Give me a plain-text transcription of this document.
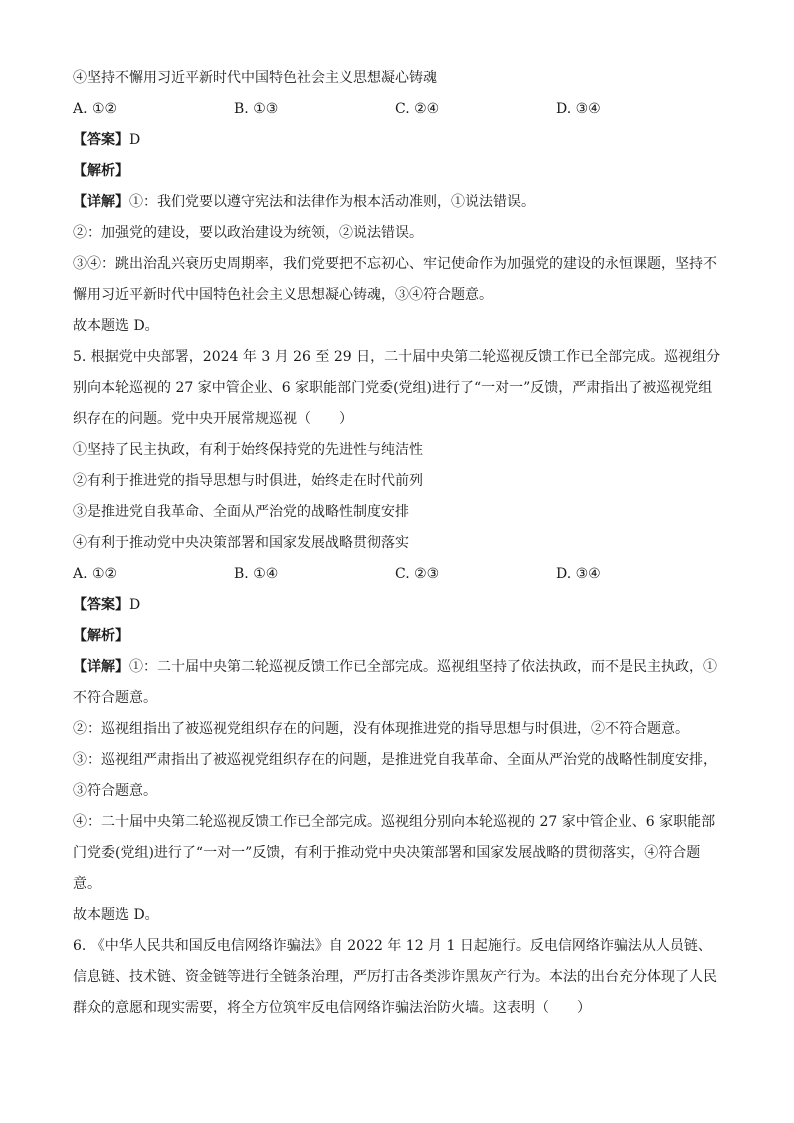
④坚持不懈用习近平新时代中国特色社会主义思想凝心铸魂
A. ①②	B. ①③	C. ②④	D. ③④
【答案】D
【解析】
【详解】①：我们党要以遵守宪法和法律作为根本活动准则，①说法错误。
②：加强党的建设，要以政治建设为统领，②说法错误。
③④：跳出治乱兴衰历史周期率，我们党要把不忘初心、牢记使命作为加强党的建设的永恒课题，坚持不懈用习近平新时代中国特色社会主义思想凝心铸魂，③④符合题意。
故本题选 D。
5. 根据党中央部署，2024 年 3 月 26 至 29 日，二十届中央第二轮巡视反馈工作已全部完成。巡视组分别向本轮巡视的 27 家中管企业、6 家职能部门党委(党组)进行了“一对一”反馈，严肃指出了被巡视党组织存在的问题。党中央开展常规巡视（　　）
①坚持了民主执政，有利于始终保持党的先进性与纯洁性
②有利于推进党的指导思想与时俱进，始终走在时代前列
③是推进党自我革命、全面从严治党的战略性制度安排
④有利于推动党中央决策部署和国家发展战略贯彻落实
A. ①②	B. ①④	C. ②③	D. ③④
【答案】D
【解析】
【详解】①：二十届中央第二轮巡视反馈工作已全部完成。巡视组坚持了依法执政，而不是民主执政，①不符合题意。
②：巡视组指出了被巡视党组织存在的问题，没有体现推进党的指导思想与时俱进，②不符合题意。
③：巡视组严肃指出了被巡视党组织存在的问题，是推进党自我革命、全面从严治党的战略性制度安排，③符合题意。
④：二十届中央第二轮巡视反馈工作已全部完成。巡视组分别向本轮巡视的 27 家中管企业、6 家职能部门党委(党组)进行了“一对一”反馈，有利于推动党中央决策部署和国家发展战略的贯彻落实，④符合题意。
故本题选 D。
6. 《中华人民共和国反电信网络诈骗法》自 2022 年 12 月 1 日起施行。反电信网络诈骗法从人员链、信息链、技术链、资金链等进行全链条治理，严厉打击各类涉诈黑灰产行为。本法的出台充分体现了人民群众的意愿和现实需要，将全方位筑牢反电信网络诈骗法治防火墙。这表明（　　）
